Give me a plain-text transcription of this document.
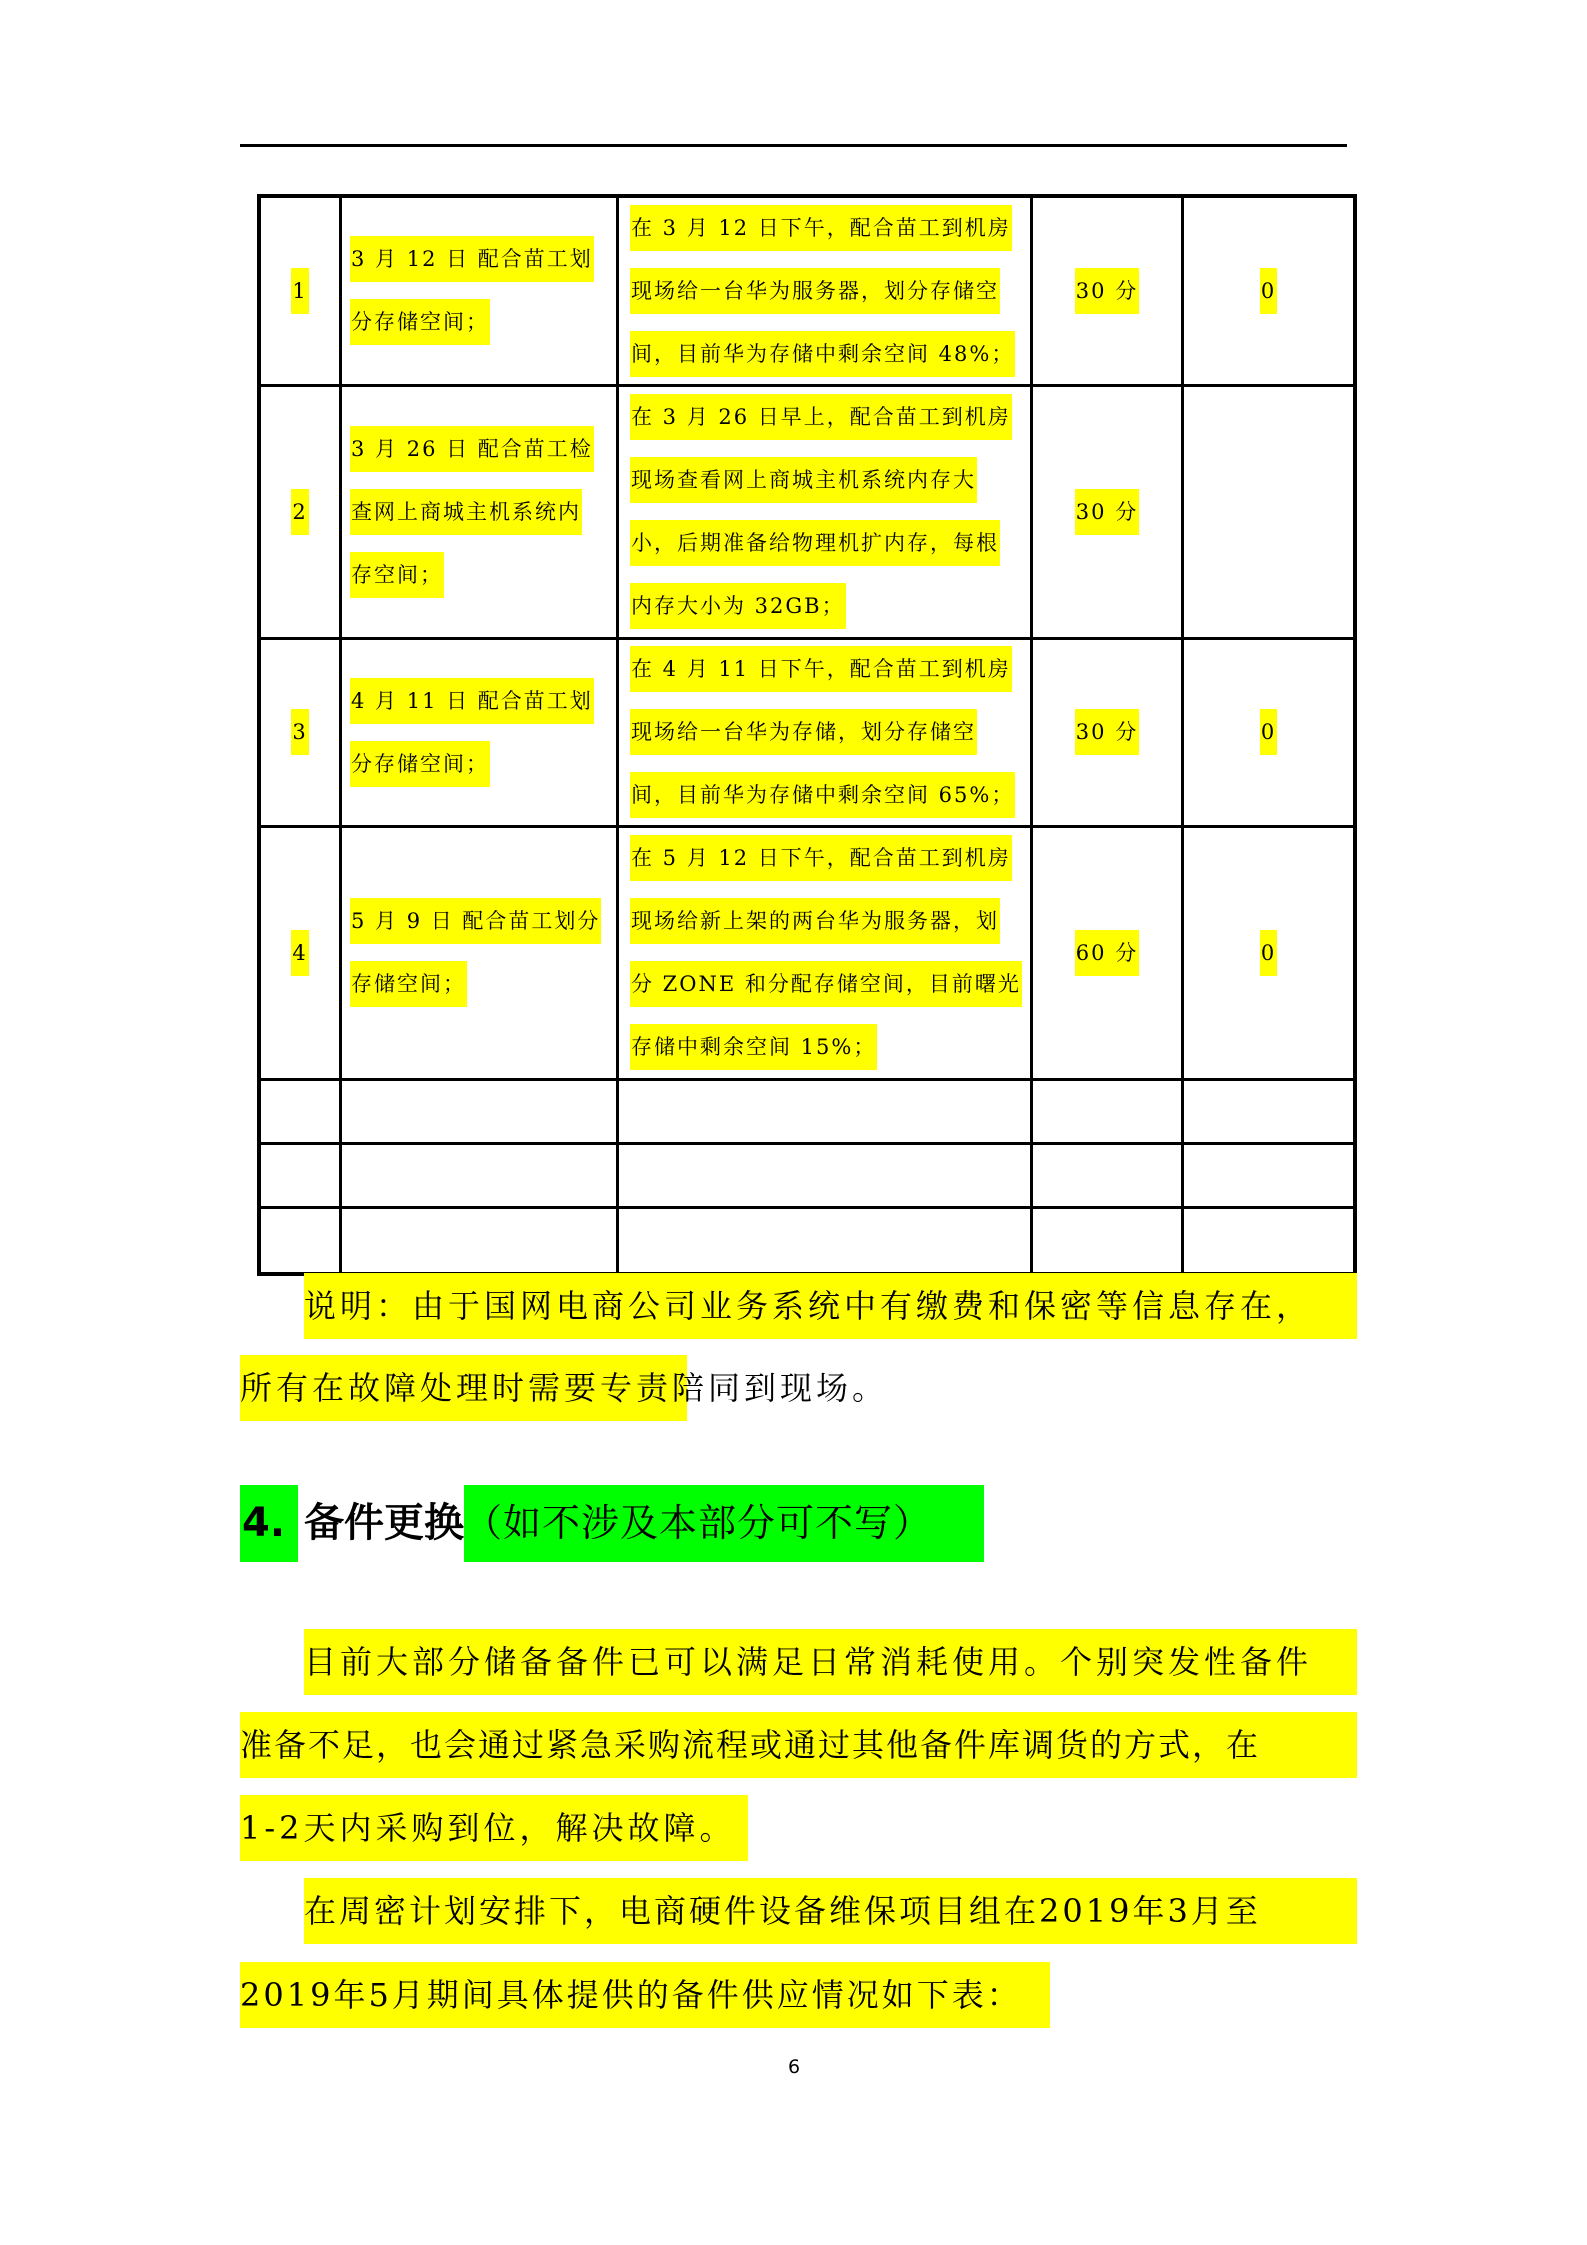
1	3 月 12 日 配合苗工划
分存储空间；	在 3 月 12 日下午，配合苗工到机房
现场给一台华为服务器，划分存储空
间，目前华为存储中剩余空间 48%；	30 分	0

2	3 月 26 日 配合苗工检
查网上商城主机系统内
存空间；	在 3 月 26 日早上，配合苗工到机房
现场查看网上商城主机系统内存大
小，后期准备给物理机扩内存，每根
内存大小为 32GB；	30 分	

3	4 月 11 日 配合苗工划
分存储空间；	在 4 月 11 日下午，配合苗工到机房
现场给一台华为存储，划分存储空
间，目前华为存储中剩余空间 65%；	30 分	0

4	5 月 9 日 配合苗工划分
存储空间；	在 5 月 12 日下午，配合苗工到机房
现场给新上架的两台华为服务器，划
分 ZONE 和分配存储空间，目前曙光
存储中剩余空间 15%；	60 分	0

说明：由于国网电商公司业务系统中有缴费和保密等信息存在，
所有在故障处理时需要专责陪同到现场。
4. 备件更换 （如不涉及本部分可不写）
目前大部分储备备件已可以满足日常消耗使用。个别突发性备件
准备不足，也会通过紧急采购流程或通过其他备件库调货的方式，在
1-2天内采购到位，解决故障。
在周密计划安排下，电商硬件设备维保项目组在2019年3月至
2019年5月期间具体提供的备件供应情况如下表：
6
